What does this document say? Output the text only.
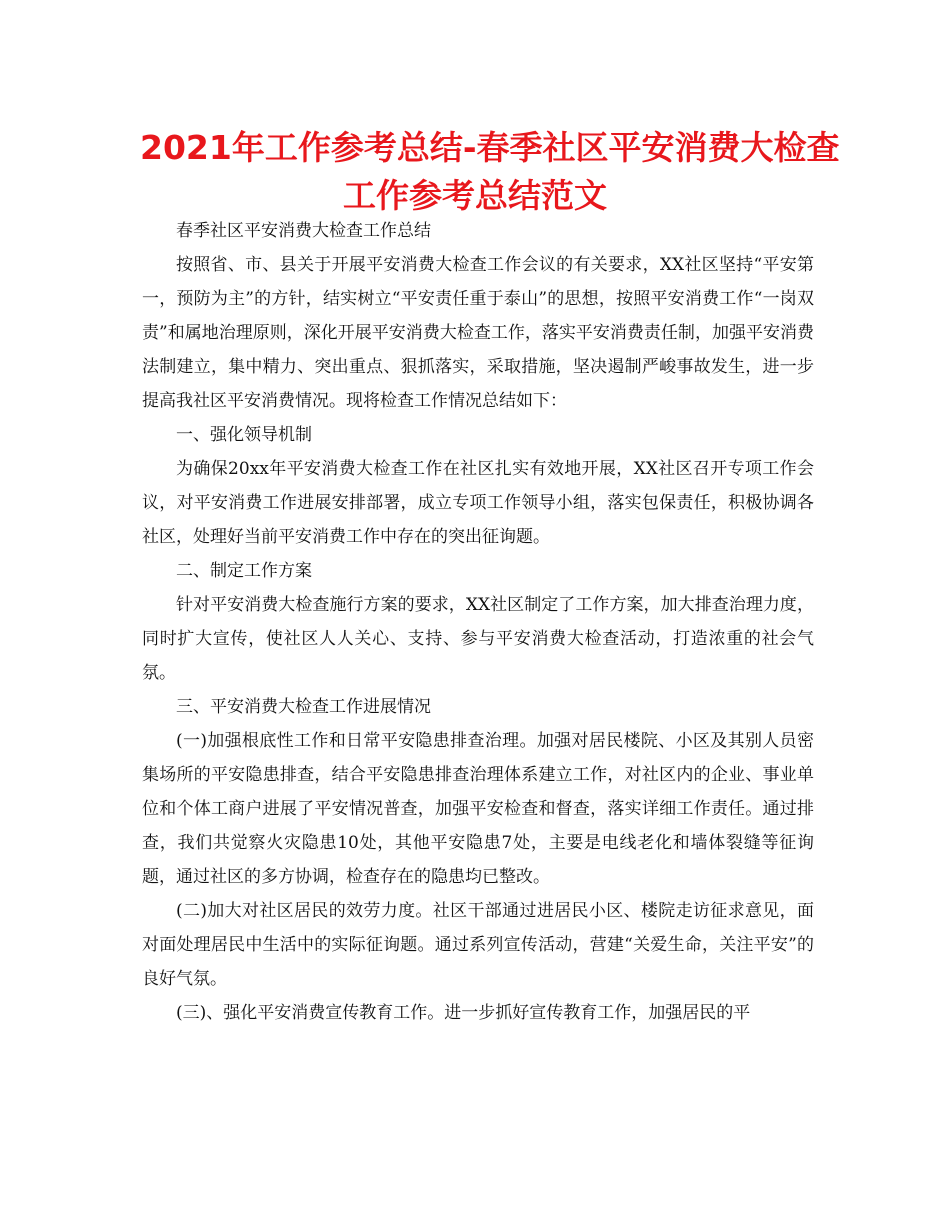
2021年工作参考总结-春季社区平安消费大检查
工作参考总结范文

春季社区平安消费大检查工作总结

按照省、市、县关于开展平安消费大检查工作会议的有关要求，XX社区坚持“平安第一，预防为主”的方针，结实树立“平安责任重于泰山”的思想，按照平安消费工作“一岗双责”和属地治理原则，深化开展平安消费大检查工作，落实平安消费责任制，加强平安消费法制建立，集中精力、突出重点、狠抓落实，采取措施，坚决遏制严峻事故发生，进一步提高我社区平安消费情况。现将检查工作情况总结如下：

一、强化领导机制

为确保20xx年平安消费大检查工作在社区扎实有效地开展，XX社区召开专项工作会议，对平安消费工作进展安排部署，成立专项工作领导小组，落实包保责任，积极协调各社区，处理好当前平安消费工作中存在的突出征询题。

二、制定工作方案

针对平安消费大检查施行方案的要求，XX社区制定了工作方案，加大排查治理力度，同时扩大宣传，使社区人人关心、支持、参与平安消费大检查活动，打造浓重的社会气氛。

三、平安消费大检查工作进展情况

(一)加强根底性工作和日常平安隐患排查治理。加强对居民楼院、小区及其别人员密集场所的平安隐患排查，结合平安隐患排查治理体系建立工作，对社区内的企业、事业单位和个体工商户进展了平安情况普查，加强平安检查和督查，落实详细工作责任。通过排查，我们共觉察火灾隐患10处，其他平安隐患7处，主要是电线老化和墙体裂缝等征询题，通过社区的多方协调，检查存在的隐患均已整改。

(二)加大对社区居民的效劳力度。社区干部通过进居民小区、楼院走访征求意见，面对面处理居民中生活中的实际征询题。通过系列宣传活动，营建“关爱生命，关注平安”的良好气氛。

(三)、强化平安消费宣传教育工作。进一步抓好宣传教育工作，加强居民的平
